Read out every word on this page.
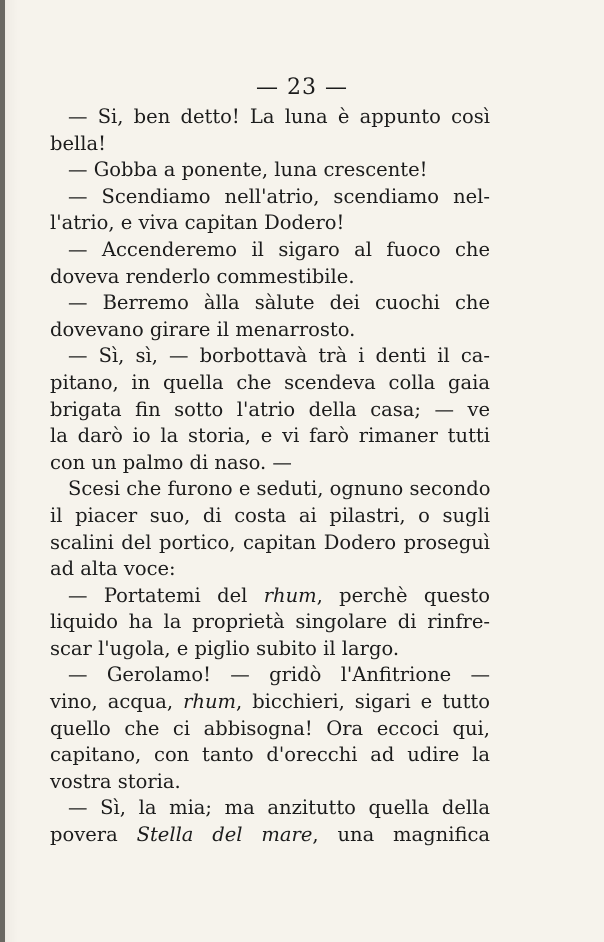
— 23 —
— Si, ben detto! La luna è appunto così
bella!
— Gobba a ponente, luna crescente!
— Scendiamo nell'atrio, scendiamo nel-
l'atrio, e viva capitan Dodero!
— Accenderemo il sigaro al fuoco che
doveva renderlo commestibile.
— Berremo àlla sàlute dei cuochi che
dovevano girare il menarrosto.
— Sì, sì, — borbottavà trà i denti il ca-
pitano, in quella che scendeva colla gaia
brigata fin sotto l'atrio della casa; — ve
la darò io la storia, e vi farò rimaner tutti
con un palmo di naso. —
Scesi che furono e seduti, ognuno secondo
il piacer suo, di costa ai pilastri, o sugli
scalini del portico, capitan Dodero proseguì
ad alta voce:
— Portatemi del rhum, perchè questo
liquido ha la proprietà singolare di rinfre-
scar l'ugola, e piglio subito il largo.
— Gerolamo! — gridò l'Anfitrione —
vino, acqua, rhum, bicchieri, sigari e tutto
quello che ci abbisogna! Ora eccoci qui,
capitano, con tanto d'orecchi ad udire la
vostra storia.
— Sì, la mia; ma anzitutto quella della
povera Stella del mare, una magnifica
